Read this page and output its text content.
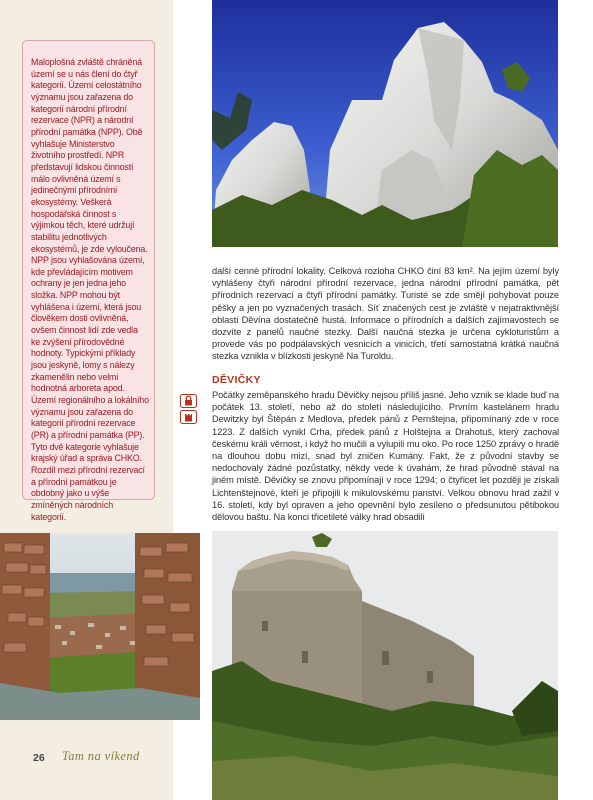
Maloplošná zvláště chráněná území se u nás člení do čtyř kategorií. Území celostátního významu jsou zařazena do kategorií národní přírodní rezervace (NPR) a národní přírodní památka (NPP). Obě vyhlašuje Ministerstvo životního prostředí. NPR představují lidskou činností málo ovlivněná území s jedinečnými přírodními ekosystémy. Veškerá hospodářská činnost s výjimkou těch, které udržují stabilitu jednotlivých ekosystémů, je zde vyloučena. NPP jsou vyhlašována území, kde převládajícím motivem ochrany je jen jedna jeho složka. NPP mohou být vyhlášena i území, která jsou člověkem dosti ovlivněná, ovšem činnost lidí zde vedla ke zvýšení přírodovědné hodnoty. Typickými příklady jsou jeskyně, lomy s nálezy zkamenělin nebo velmi hodnotná arboreta apod. Území regionálního a lokálního významu jsou zařazena do kategorií přírodní rezervace (PR) a přírodní památka (PP). Tyto dvě kategorie vyhlašuje krajský úřad a správa CHKO. Rozdíl mezi přírodní rezervací a přírodní památkou je obdobný jako u výše zmíněných národních kategorií.

další cenné přírodní lokality. Celková rozloha CHKO činí 83 km². Na jejím území byly vyhlášeny čtyři národní přírodní rezervace, jedna národní přírodní památka, pět přírodních rezervací a čtyři přírodní památky. Turisté se zde smějí pohybovat pouze pěšky a jen po vyznačených trasách. Síť značených cest je zvláště v nejatraktivnější oblasti Děvína dostatečně hustá. Informace o přírodních a dalších zajímavostech se dozvíte z panelů naučné stezky. Další naučná stezka je určena cykloturistům a provede vás po podpálavských vesnicích a vinicích, třetí samostatná krátká naučná stezka vznikla v blízkosti jeskyně Na Turoldu.

DĚVIČKY

Počátky zeměpanského hradu Děvičky nejsou příliš jasné. Jeho vznik se klade buď na počátek 13. století, nebo až do století následujícího. Prvním kastelánem hradu Dewitzky byl Štěpán z Medlova, předek pánů z Pernštejna, připomínaný zde v roce 1223. Z dalších vynikl Crha, předek pánů z Holštejna a Drahotuš, který zachoval českému králi věrnost, i když ho mučili a vylupili mu oko. Po roce 1250 zprávy o hradě na dlouhou dobu mizí, snad byl zničen Kumány. Fakt, že z původní stavby se nedochovaly žádné pozůstatky, někdy vede k úvahám, že hrad původně stával na jiném místě. Děvičky se znovu připomínají v roce 1294; o čtyřicet let později je získali Lichtenštejnové, kteří je připojili k mikulovskému panství. Velkou obnovu hrad zažil v 16. století, kdy byl opraven a jeho opevnění bylo zesíleno o předsunutou pětibokou dělovou baštu. Na konci třicetileté války hrad obsadili

26 Tam na víkend
